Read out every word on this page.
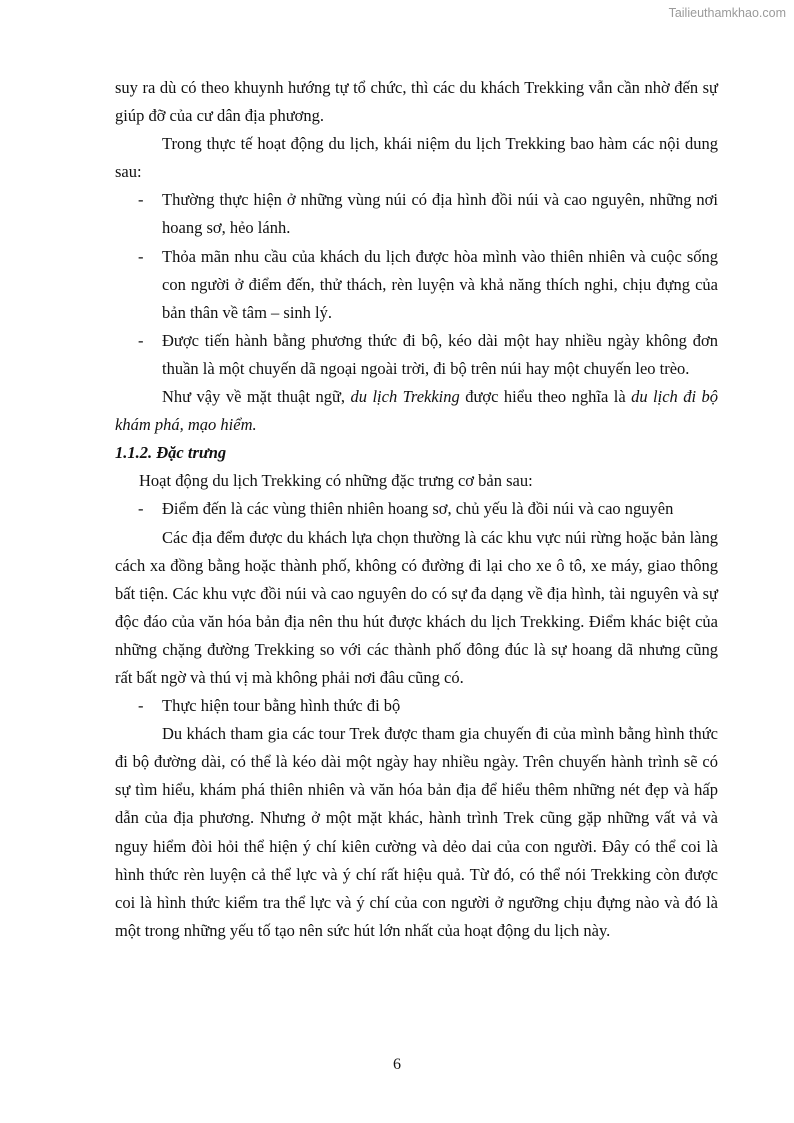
Tailieuthamkhao.com

suy ra dù có theo khuynh hướng tự tổ chức, thì các du khách Trekking vẫn cần nhờ đến sự giúp đỡ của cư dân địa phương.

Trong thực tế hoạt động du lịch, khái niệm du lịch Trekking bao hàm các nội dung sau:

-	Thường thực hiện ở những vùng núi có địa hình đồi núi và cao nguyên, những nơi hoang sơ, hẻo lánh.
-	Thỏa mãn nhu cầu của khách du lịch được hòa mình vào thiên nhiên và cuộc sống con người ở điểm đến, thử thách, rèn luyện và khả năng thích nghi, chịu đựng của bản thân về tâm – sinh lý.
-	Được tiến hành bằng phương thức đi bộ, kéo dài một hay nhiều ngày không đơn thuần là một chuyến dã ngoại ngoài trời, đi bộ trên núi hay một chuyến leo trèo.

Như vậy về mặt thuật ngữ, du lịch Trekking được hiểu theo nghĩa là du lịch đi bộ khám phá, mạo hiểm.

1.1.2. Đặc trưng

Hoạt động du lịch Trekking có những đặc trưng cơ bản sau:

-	Điểm đến là các vùng thiên nhiên hoang sơ, chủ yếu là đồi núi và cao nguyên

Các địa đểm được du khách lựa chọn thường là các khu vực núi rừng hoặc bản làng cách xa đồng bằng hoặc thành phố, không có đường đi lại cho xe ô tô, xe máy, giao thông bất tiện. Các khu vực đồi núi và cao nguyên do có sự đa dạng về địa hình, tài nguyên và sự độc đáo của văn hóa bản địa nên thu hút được khách du lịch Trekking. Điểm khác biệt của những chặng đường Trekking so với các thành phố đông đúc là sự hoang dã nhưng cũng rất bất ngờ và thú vị mà không phải nơi đâu cũng có.

-	Thực hiện tour bằng hình thức đi bộ

Du khách tham gia các tour Trek được tham gia chuyến đi của mình bằng hình thức đi bộ đường dài, có thể là kéo dài một ngày hay nhiều ngày. Trên chuyến hành trình sẽ có sự tìm hiểu, khám phá thiên nhiên và văn hóa bản địa để hiểu thêm những nét đẹp và hấp dẫn của địa phương. Nhưng ở một mặt khác, hành trình Trek cũng gặp những vất vả và nguy hiểm đòi hỏi thể hiện ý chí kiên cường và dẻo dai của con người. Đây có thể coi là hình thức rèn luyện cả thể lực và ý chí rất hiệu quả. Từ đó, có thể nói Trekking còn được coi là hình thức kiểm tra thể lực và ý chí của con người ở ngưỡng chịu đựng nào và đó là một trong những yếu tố tạo nên sức hút lớn nhất của hoạt động du lịch này.

6
